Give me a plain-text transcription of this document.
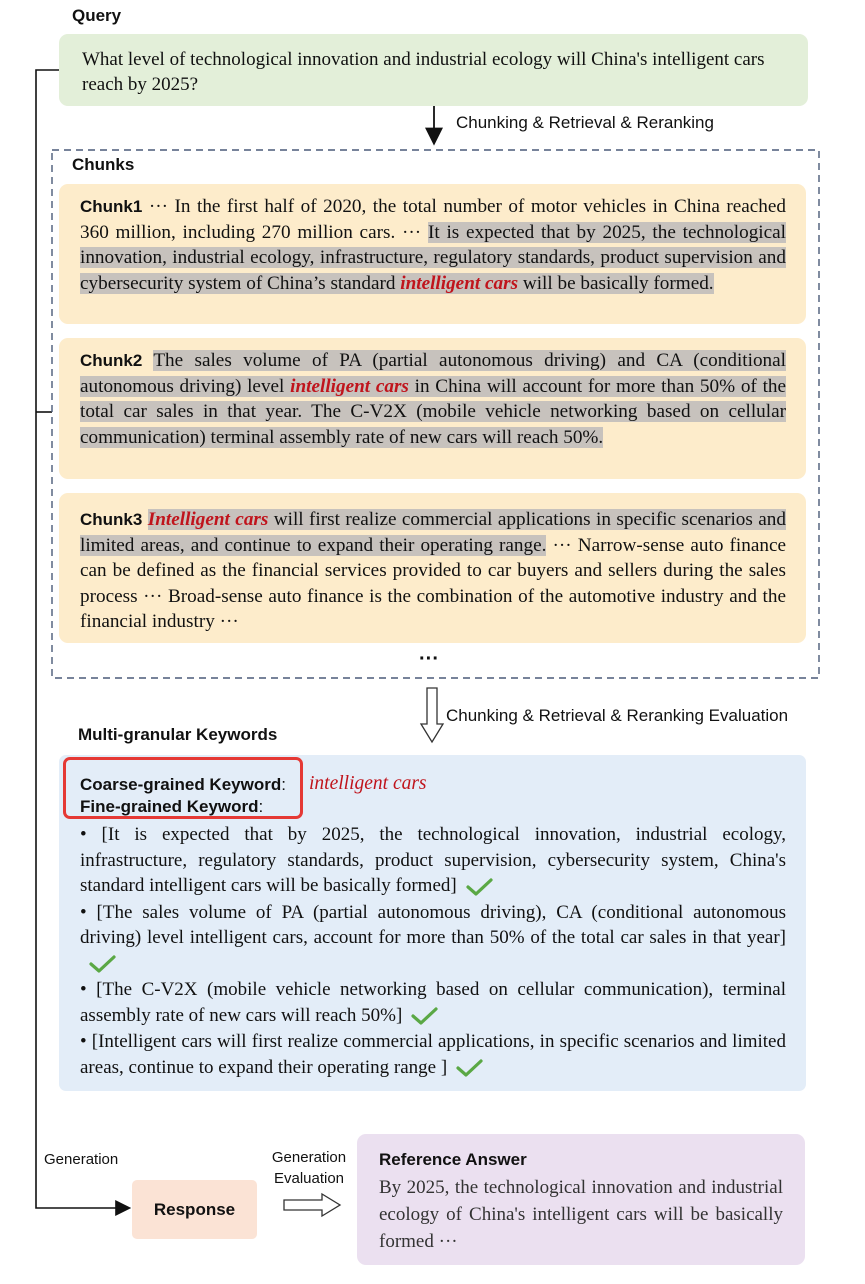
Query
What level of technological innovation and industrial ecology will China's intelligent cars reach by 2025?
Chunking & Retrieval & Reranking
Chunks
Chunk1 ··· In the first half of 2020, the total number of motor vehicles in China reached 360 million, including 270 million cars. ··· It is expected that by 2025, the technological innovation, industrial ecology, infrastructure, regulatory standards, product supervision and cybersecurity system of China’s standard intelligent cars will be basically formed.
Chunk2 The sales volume of PA (partial autonomous driving) and CA (conditional autonomous driving) level intelligent cars in China will account for more than 50% of the total car sales in that year. The C-V2X (mobile vehicle networking based on cellular communication) terminal assembly rate of new cars will reach 50%.
Chunk3 Intelligent cars will first realize commercial applications in specific scenarios and limited areas, and continue to expand their operating range. ··· Narrow-sense auto finance can be defined as the financial services provided to car buyers and sellers during the sales process ··· Broad-sense auto finance is the combination of the automotive industry and the financial industry ···
···
Chunking & Retrieval & Reranking Evaluation
Multi-granular Keywords
Coarse-grained Keyword: intelligent cars
Fine-grained Keyword:
• [It is expected that by 2025, the technological innovation, industrial ecology, infrastructure, regulatory standards, product supervision, cybersecurity system, China's standard intelligent cars will be basically formed]
• [The sales volume of PA (partial autonomous driving), CA (conditional autonomous driving) level intelligent cars, account for more than 50% of the total car sales in that year]
• [The C-V2X (mobile vehicle networking based on cellular communication), terminal assembly rate of new cars will reach 50%]
• [Intelligent cars will first realize commercial applications, in specific scenarios and limited areas, continue to expand their operating range ]
Generation
Response
Generation
Evaluation
Reference Answer
By 2025, the technological innovation and industrial ecology of China's intelligent cars will be basically formed ···
